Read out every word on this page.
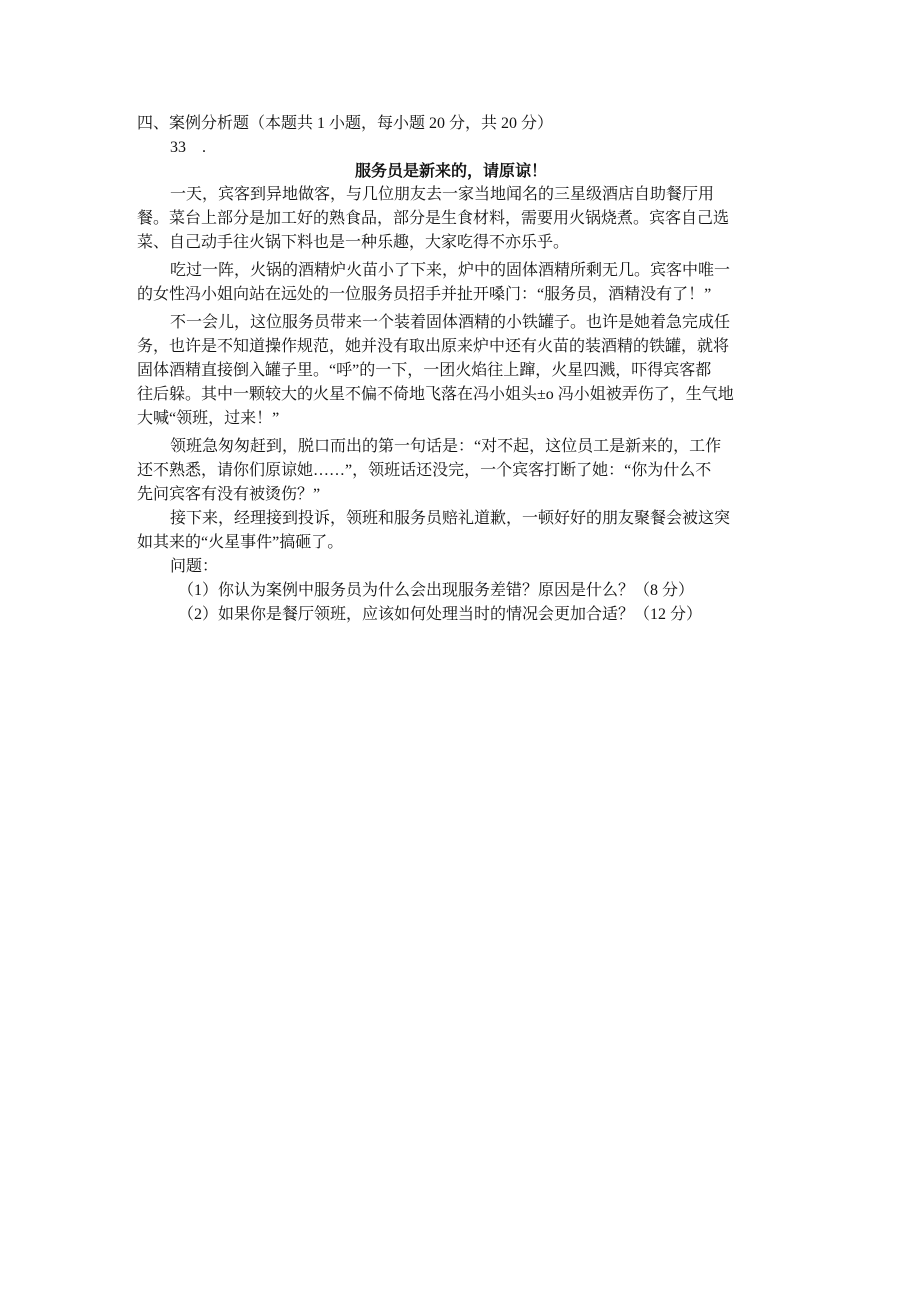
四、案例分析题（本题共 1 小题，每小题 20 分，共 20 分）
33　.
服务员是新来的，请原谅！
一天，宾客到异地做客，与几位朋友去一家当地闻名的三星级酒店自助餐厅用
餐。菜台上部分是加工好的熟食品，部分是生食材料，需要用火锅烧煮。宾客自己选
菜、自己动手往火锅下料也是一种乐趣，大家吃得不亦乐乎。
吃过一阵，火锅的酒精炉火苗小了下来，炉中的固体酒精所剩无几。宾客中唯一
的女性冯小姐向站在远处的一位服务员招手并扯开嗓门：“服务员，酒精没有了！”
不一会儿，这位服务员带来一个装着固体酒精的小铁罐子。也许是她着急完成任
务，也许是不知道操作规范，她并没有取出原来炉中还有火苗的装酒精的铁罐，就将
固体酒精直接倒入罐子里。“呼”的一下，一团火焰往上蹿，火星四溅，吓得宾客都
往后躲。其中一颗较大的火星不偏不倚地飞落在冯小姐头±o 冯小姐被弄伤了，生气地
大喊“领班，过来！”
领班急匆匆赶到，脱口而出的第一句话是：“对不起，这位员工是新来的，工作
还不熟悉，请你们原谅她……”，领班话还没完，一个宾客打断了她：“你为什么不
先问宾客有没有被烫伤？”
接下来，经理接到投诉，领班和服务员赔礼道歉，一顿好好的朋友聚餐会被这突
如其来的“火星事件”搞砸了。
问题：
（1）你认为案例中服务员为什么会出现服务差错？原因是什么？（8 分）
（2）如果你是餐厅领班，应该如何处理当时的情况会更加合适？（12 分）
